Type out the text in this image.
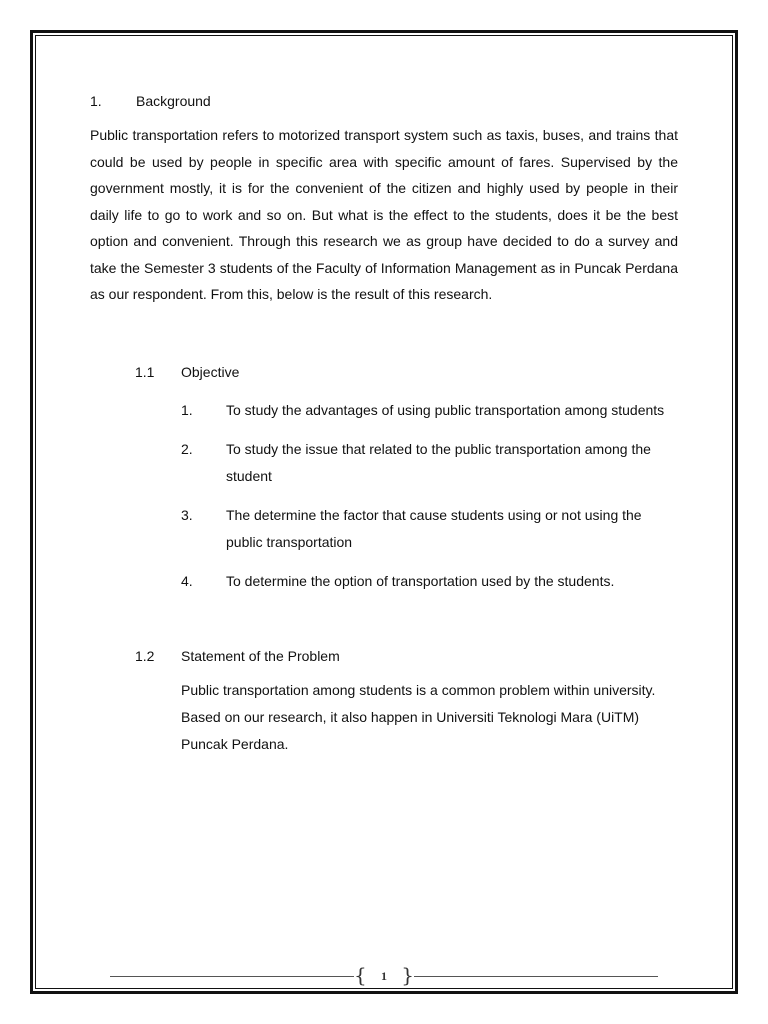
1.	Background

Public transportation refers to motorized transport system such as taxis, buses, and trains that could be used by people in specific area with specific amount of fares. Supervised by the government mostly, it is for the convenient of the citizen and highly used by people in their daily life to go to work and so on. But what is the effect to the students, does it be the best option and convenient. Through this research we as group have decided to do a survey and take the Semester 3 students of the Faculty of Information Management as in Puncak Perdana as our respondent. From this, below is the result of this research.

1.1	Objective
1.	To study the advantages of using public transportation among students
2.	To study the issue that related to the public transportation among the student
3.	The determine the factor that cause students using or not using the public transportation
4.	To determine the option of transportation used by the students.
1.2	Statement of the Problem

Public transportation among students is a common problem within university. Based on our research, it also happen in Universiti Teknologi Mara (UiTM) Puncak Perdana.

{	1 }
